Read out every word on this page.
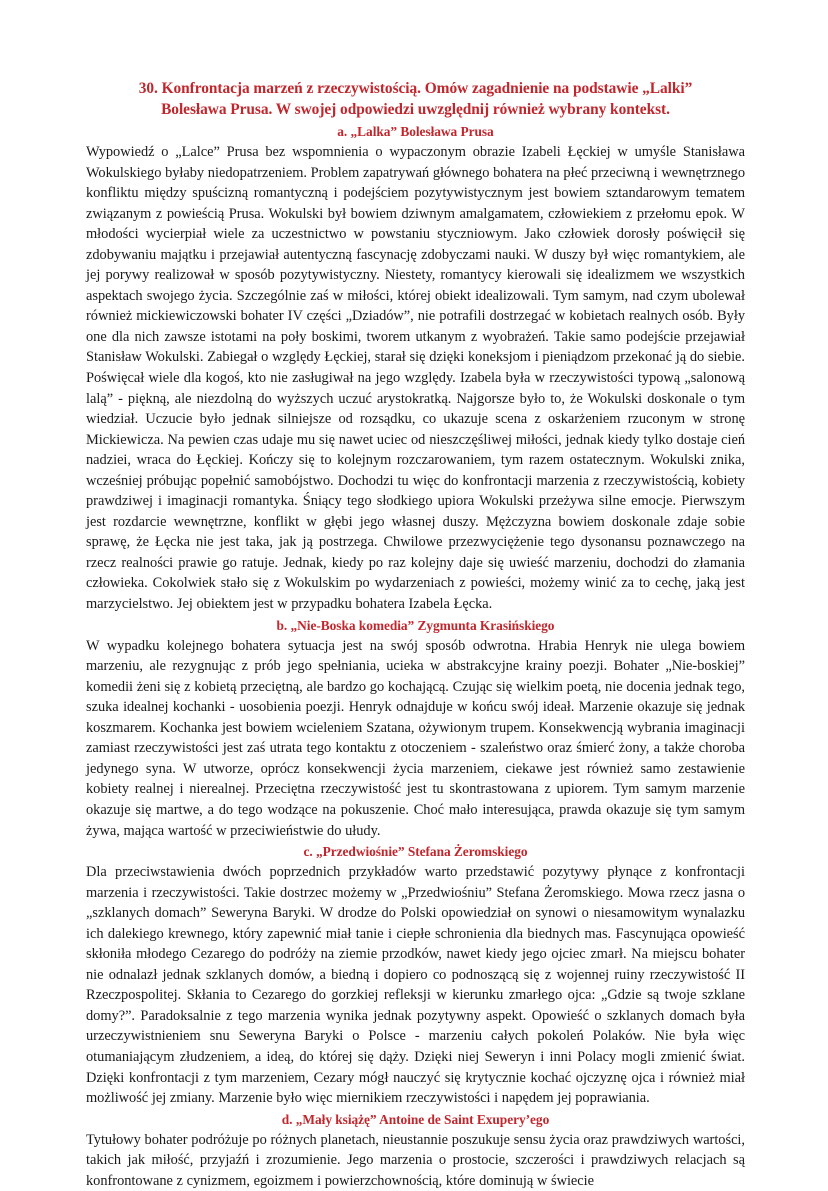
30. Konfrontacja marzeń z rzeczywistością. Omów zagadnienie na podstawie „Lalki”
Bolesława Prusa. W swojej odpowiedzi uwzględnij również wybrany kontekst.
a. „Lalka” Bolesława Prusa

Wypowiedź o „Lalce” Prusa bez wspomnienia o wypaczonym obrazie Izabeli Łęckiej w umyśle Stanisława Wokulskiego byłaby niedopatrzeniem. Problem zapatrywań głównego bohatera na płeć przeciwną i wewnętrznego konfliktu między spuścizną romantyczną i podejściem pozytywistycznym jest bowiem sztandarowym tematem związanym z powieścią Prusa. Wokulski był bowiem dziwnym amalgamatem, człowiekiem z przełomu epok. W młodości wycierpiał wiele za uczestnictwo w powstaniu styczniowym. Jako człowiek dorosły poświęcił się zdobywaniu majątku i przejawiał autentyczną fascynację zdobyczami nauki. W duszy był więc romantykiem, ale jej porywy realizował w sposób pozytywistyczny. Niestety, romantycy kierowali się idealizmem we wszystkich aspektach swojego życia. Szczególnie zaś w miłości, której obiekt idealizowali. Tym samym, nad czym ubolewał również mickiewiczowski bohater IV części „Dziadów”, nie potrafili dostrzegać w kobietach realnych osób. Były one dla nich zawsze istotami na poły boskimi, tworem utkanym z wyobrażeń. Takie samo podejście przejawiał Stanisław Wokulski. Zabiegał o względy Łęckiej, starał się dzięki koneksjom i pieniądzom przekonać ją do siebie. Poświęcał wiele dla kogoś, kto nie zasługiwał na jego względy. Izabela była w rzeczywistości typową „salonową lalą” - piękną, ale niezdolną do wyższych uczuć arystokratką. Najgorsze było to, że Wokulski doskonale o tym wiedział. Uczucie było jednak silniejsze od rozsądku, co ukazuje scena z oskarżeniem rzuconym w stronę Mickiewicza. Na pewien czas udaje mu się nawet uciec od nieszczęśliwej miłości, jednak kiedy tylko dostaje cień nadziei, wraca do Łęckiej. Kończy się to kolejnym rozczarowaniem, tym razem ostatecznym. Wokulski znika, wcześniej próbując popełnić samobójstwo. Dochodzi tu więc do konfrontacji marzenia z rzeczywistością, kobiety prawdziwej i imaginacji romantyka. Śniący tego słodkiego upiora Wokulski przeżywa silne emocje. Pierwszym jest rozdarcie wewnętrzne, konflikt w głębi jego własnej duszy. Mężczyzna bowiem doskonale zdaje sobie sprawę, że Łęcka nie jest taka, jak ją postrzega. Chwilowe przezwyciężenie tego dysonansu poznawczego na rzecz realności prawie go ratuje. Jednak, kiedy po raz kolejny daje się uwieść marzeniu, dochodzi do złamania człowieka. Cokolwiek stało się z Wokulskim po wydarzeniach z powieści, możemy winić za to cechę, jaką jest marzycielstwo. Jej obiektem jest w przypadku bohatera Izabela Łęcka.

b. „Nie-Boska komedia” Zygmunta Krasińskiego

W wypadku kolejnego bohatera sytuacja jest na swój sposób odwrotna. Hrabia Henryk nie ulega bowiem marzeniu, ale rezygnując z prób jego spełniania, ucieka w abstrakcyjne krainy poezji. Bohater „Nie-boskiej” komedii żeni się z kobietą przeciętną, ale bardzo go kochającą. Czując się wielkim poetą, nie docenia jednak tego, szuka idealnej kochanki - uosobienia poezji. Henryk odnajduje w końcu swój ideał. Marzenie okazuje się jednak koszmarem. Kochanka jest bowiem wcieleniem Szatana, ożywionym trupem. Konsekwencją wybrania imaginacji zamiast rzeczywistości jest zaś utrata tego kontaktu z otoczeniem - szaleństwo oraz śmierć żony, a także choroba jedynego syna. W utworze, oprócz konsekwencji życia marzeniem, ciekawe jest również samo zestawienie kobiety realnej i nierealnej. Przeciętna rzeczywistość jest tu skontrastowana z upiorem. Tym samym marzenie okazuje się martwe, a do tego wodzące na pokuszenie. Choć mało interesująca, prawda okazuje się tym samym żywa, mająca wartość w przeciwieństwie do ułudy.

c. „Przedwiośnie” Stefana Żeromskiego

Dla przeciwstawienia dwóch poprzednich przykładów warto przedstawić pozytywy płynące z konfrontacji marzenia i rzeczywistości. Takie dostrzec możemy w „Przedwiośniu” Stefana Żeromskiego. Mowa rzecz jasna o „szklanych domach” Seweryna Baryki. W drodze do Polski opowiedział on synowi o niesamowitym wynalazku ich dalekiego krewnego, który zapewnić miał tanie i ciepłe schronienia dla biednych mas. Fascynująca opowieść skłoniła młodego Cezarego do podróży na ziemie przodków, nawet kiedy jego ojciec zmarł. Na miejscu bohater nie odnalazł jednak szklanych domów, a biedną i dopiero co podnoszącą się z wojennej ruiny rzeczywistość II Rzeczpospolitej. Skłania to Cezarego do gorzkiej refleksji w kierunku zmarłego ojca: „Gdzie są twoje szklane domy?”. Paradoksalnie z tego marzenia wynika jednak pozytywny aspekt. Opowieść o szklanych domach była urzeczywistnieniem snu Seweryna Baryki o Polsce - marzeniu całych pokoleń Polaków. Nie była więc otumaniającym złudzeniem, a ideą, do której się dąży. Dzięki niej Seweryn i inni Polacy mogli zmienić świat. Dzięki konfrontacji z tym marzeniem, Cezary mógł nauczyć się krytycznie kochać ojczyznę ojca i również miał możliwość jej zmiany. Marzenie było więc miernikiem rzeczywistości i napędem jej poprawiania.

d. „Mały książę” Antoine de Saint Exupery’ego

Tytułowy bohater podróżuje po różnych planetach, nieustannie poszukuje sensu życia oraz prawdziwych wartości, takich jak miłość, przyjaźń i zrozumienie. Jego marzenia o prostocie, szczerości i prawdziwych relacjach są konfrontowane z cynizmem, egoizmem i powierzchownością, które dominują w świecie
